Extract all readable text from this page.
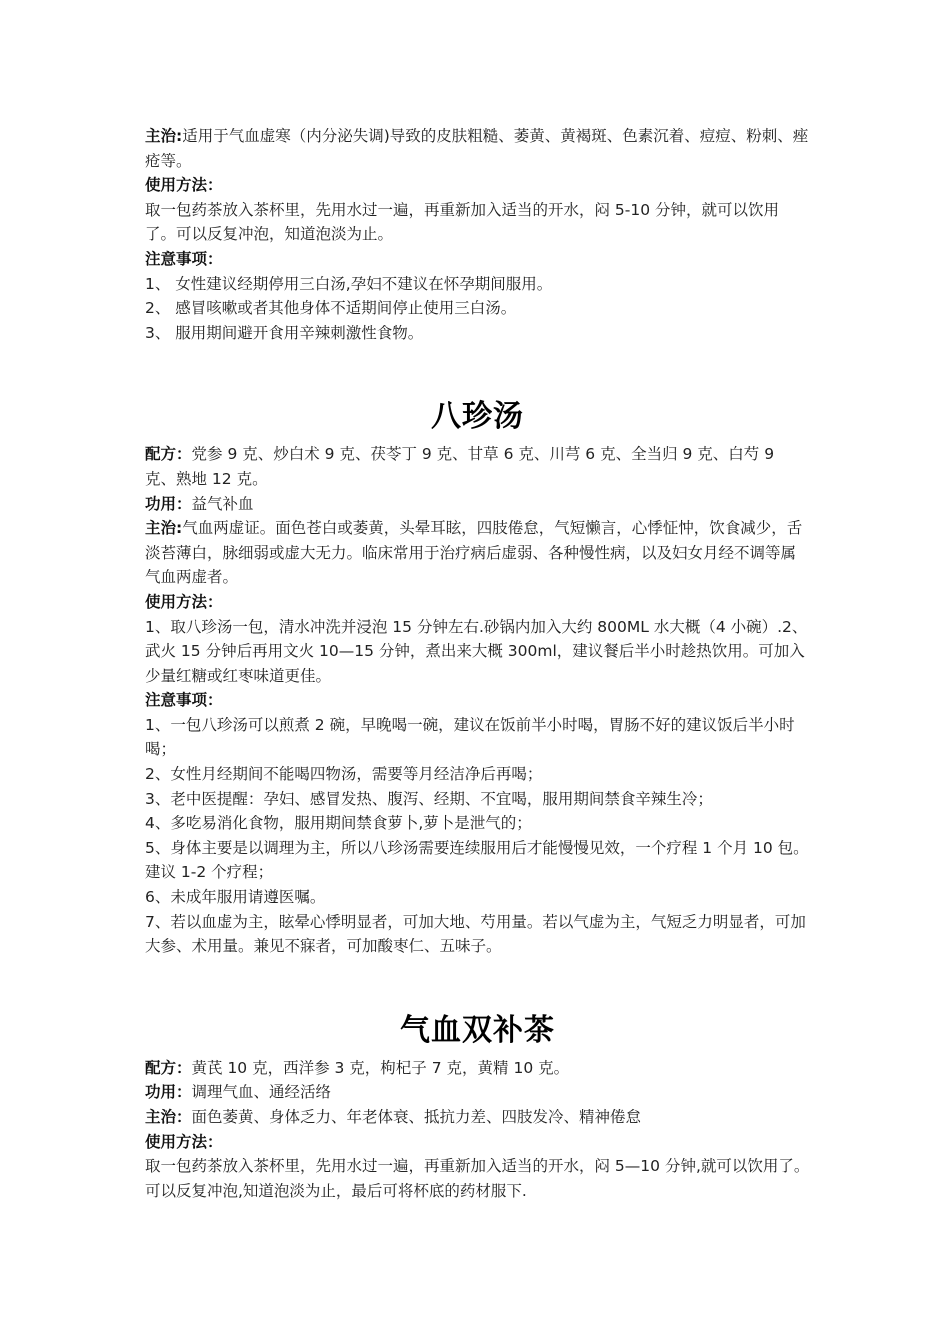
主治:适用于气血虚寒（内分泌失调)导致的皮肤粗糙、萎黄、黄褐斑、色素沉着、痘痘、粉刺、痤疮等。
使用方法：
取一包药茶放入茶杯里，先用水过一遍，再重新加入适当的开水，闷 5-10 分钟，就可以饮用了。可以反复冲泡，知道泡淡为止。
注意事项：
1、 女性建议经期停用三白汤,孕妇不建议在怀孕期间服用。
2、 感冒咳嗽或者其他身体不适期间停止使用三白汤。
3、 服用期间避开食用辛辣刺激性食物。
八珍汤
配方：党参 9 克、炒白术 9 克、茯苓丁 9 克、甘草 6 克、川芎 6 克、全当归 9 克、白芍 9 克、熟地 12 克。
功用：益气补血
主治:气血两虚证。面色苍白或萎黄，头晕耳眩，四肢倦怠，气短懒言，心悸怔忡，饮食减少，舌淡苔薄白，脉细弱或虚大无力。临床常用于治疗病后虚弱、各种慢性病，以及妇女月经不调等属气血两虚者。
使用方法：
1、取八珍汤一包，清水冲洗并浸泡 15 分钟左右.砂锅内加入大约 800ML 水大概（4 小碗）.2、武火 15 分钟后再用文火 10—15 分钟，煮出来大概 300ml，建议餐后半小时趁热饮用。可加入少量红糖或红枣味道更佳。
注意事项：
1、一包八珍汤可以煎煮 2 碗，早晚喝一碗，建议在饭前半小时喝，胃肠不好的建议饭后半小时喝；
2、女性月经期间不能喝四物汤，需要等月经洁净后再喝；
3、老中医提醒：孕妇、感冒发热、腹泻、经期、不宜喝，服用期间禁食辛辣生冷；
4、多吃易消化食物，服用期间禁食萝卜,萝卜是泄气的；
5、身体主要是以调理为主，所以八珍汤需要连续服用后才能慢慢见效，一个疗程 1 个月 10 包。建议 1-2 个疗程；
6、未成年服用请遵医嘱。
7、若以血虚为主，眩晕心悸明显者，可加大地、芍用量。若以气虚为主，气短乏力明显者，可加大参、术用量。兼见不寐者，可加酸枣仁、五味子。
气血双补茶
配方：黄芪 10 克，西洋参 3 克，枸杞子 7 克，黄精 10 克。
功用：调理气血、通经活络
主治：面色萎黄、身体乏力、年老体衰、抵抗力差、四肢发冷、精神倦怠
使用方法：
取一包药茶放入茶杯里，先用水过一遍，再重新加入适当的开水，闷 5—10 分钟,就可以饮用了。可以反复冲泡,知道泡淡为止，最后可将杯底的药材服下.
